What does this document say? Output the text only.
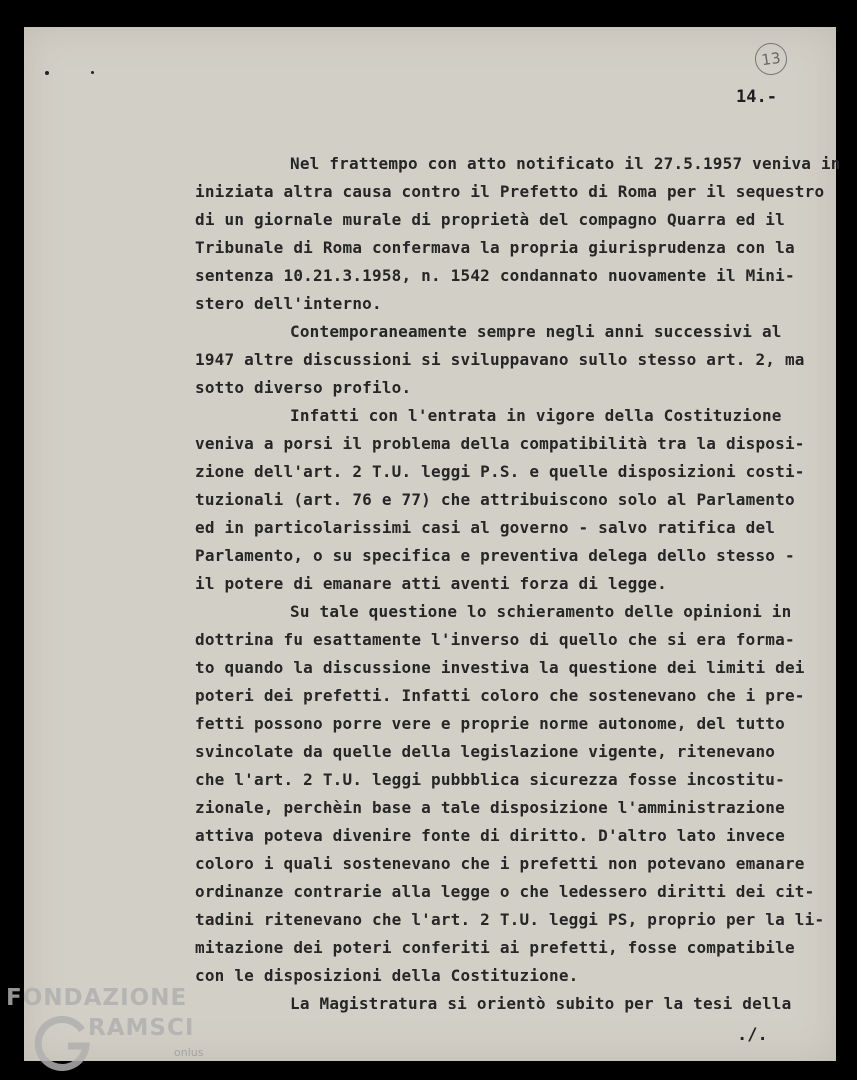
13
14.-
Nel frattempo con atto notificato il 27.5.1957 veniva in
iniziata altra causa contro il Prefetto di Roma per il sequestro
di un giornale murale di proprietà del compagno Quarra ed il
Tribunale di Roma confermava la propria giurisprudenza con la
sentenza 10.21.3.1958, n. 1542 condannato nuovamente il Mini-
stero dell'interno.
Contemporaneamente sempre negli anni successivi al
1947 altre discussioni si sviluppavano sullo stesso art. 2, ma
sotto diverso profilo.
Infatti con l'entrata in vigore della Costituzione
veniva a porsi il problema della compatibilità tra la disposi-
zione dell'art. 2 T.U. leggi P.S. e quelle disposizioni costi-
tuzionali (art. 76 e 77) che attribuiscono solo al Parlamento
ed in particolarissimi casi al governo - salvo ratifica del
Parlamento, o su specifica e preventiva delega dello stesso -
il potere di emanare atti aventi forza di legge.
Su tale questione lo schieramento delle opinioni in
dottrina fu esattamente l'inverso di quello che si era forma-
to quando la discussione investiva la questione dei limiti dei
poteri dei prefetti. Infatti coloro che sostenevano che i pre-
fetti possono porre vere e proprie norme autonome, del tutto
svincolate da quelle della legislazione vigente, ritenevano
che l'art. 2 T.U. leggi pubbblica sicurezza fosse incostitu-
zionale, perchèin base a tale disposizione l'amministrazione
attiva poteva divenire fonte di diritto. D'altro lato invece
coloro i quali sostenevano che i prefetti non potevano emanare
ordinanze contrarie alla legge o che ledessero diritti dei cit-
tadini ritenevano che l'art. 2 T.U. leggi PS, proprio per la li-
mitazione dei poteri conferiti ai prefetti, fosse compatibile
con le disposizioni della Costituzione.
La Magistratura si orientò subito per la tesi della
./.
FONDAZIONE
RAMSCI
onlus
